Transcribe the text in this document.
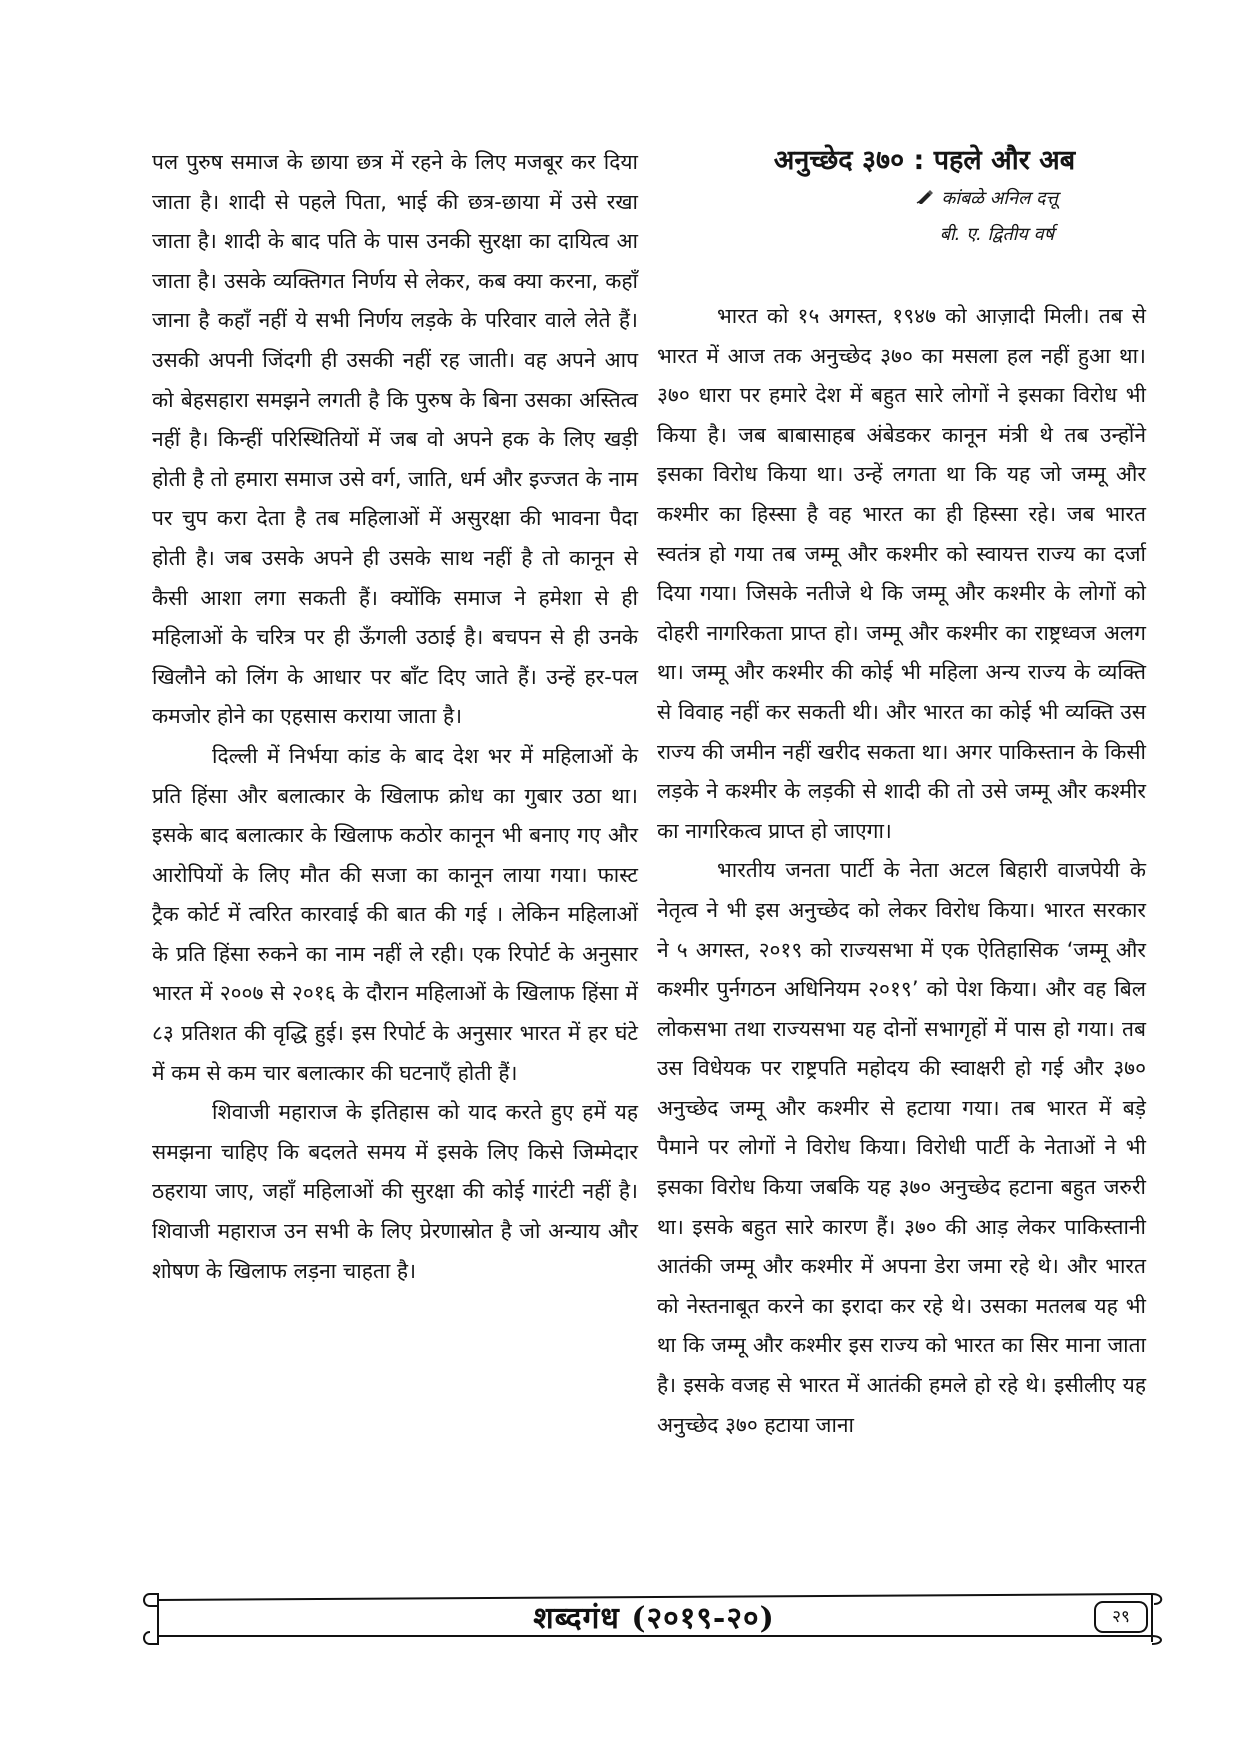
पल पुरुष समाज के छाया छत्र में रहने के लिए मजबूर कर दिया जाता है। शादी से पहले पिता, भाई की छत्र-छाया में उसे रखा जाता है। शादी के बाद पति के पास उनकी सुरक्षा का दायित्व आ जाता है। उसके व्यक्तिगत निर्णय से लेकर, कब क्या करना, कहाँ जाना है कहाँ नहीं ये सभी निर्णय लड़के के परिवार वाले लेते हैं। उसकी अपनी जिंदगी ही उसकी नहीं रह जाती। वह अपने आप को बेहसहारा समझने लगती है कि पुरुष के बिना उसका अस्तित्व नहीं है। किन्हीं परिस्थितियों में जब वो अपने हक के लिए खड़ी होती है तो हमारा समाज उसे वर्ग, जाति, धर्म और इज्जत के नाम पर चुप करा देता है तब महिलाओं में असुरक्षा की भावना पैदा होती है। जब उसके अपने ही उसके साथ नहीं है तो कानून से कैसी आशा लगा सकती हैं। क्योंकि समाज ने हमेशा से ही महिलाओं के चरित्र पर ही ऊँगली उठाई है। बचपन से ही उनके खिलौने को लिंग के आधार पर बाँट दिए जाते हैं। उन्हें हर-पल कमजोर होने का एहसास कराया जाता है।

दिल्ली में निर्भया कांड के बाद देश भर में महिलाओं के प्रति हिंसा और बलात्कार के खिलाफ क्रोध का गुबार उठा था। इसके बाद बलात्कार के खिलाफ कठोर कानून भी बनाए गए और आरोपियों के लिए मौत की सजा का कानून लाया गया। फास्ट ट्रैक कोर्ट में त्वरित कारवाई की बात की गई । लेकिन महिलाओं के प्रति हिंसा रुकने का नाम नहीं ले रही। एक रिपोर्ट के अनुसार भारत में २००७ से २०१६ के दौरान महिलाओं के खिलाफ हिंसा में ८३ प्रतिशत की वृद्धि हुई। इस रिपोर्ट के अनुसार भारत में हर घंटे में कम से कम चार बलात्कार की घटनाएँ होती हैं।

शिवाजी महाराज के इतिहास को याद करते हुए हमें यह समझना चाहिए कि बदलते समय में इसके लिए किसे जिम्मेदार ठहराया जाए, जहाँ महिलाओं की सुरक्षा की कोई गारंटी नहीं है। शिवाजी महाराज उन सभी के लिए प्रेरणास्रोत है जो अन्याय और शोषण के खिलाफ लड़ना चाहता है।

अनुच्छेद ३७० : पहले और अब
कांबळे अनिल दत्तू
बी. ए. द्वितीय वर्ष

भारत को १५ अगस्त, १९४७ को आज़ादी मिली। तब से भारत में आज तक अनुच्छेद ३७० का मसला हल नहीं हुआ था। ३७० धारा पर हमारे देश में बहुत सारे लोगों ने इसका विरोध भी किया है। जब बाबासाहब अंबेडकर कानून मंत्री थे तब उन्होंने इसका विरोध किया था। उन्हें लगता था कि यह जो जम्मू और कश्मीर का हिस्सा है वह भारत का ही हिस्सा रहे। जब भारत स्वतंत्र हो गया तब जम्मू और कश्मीर को स्वायत्त राज्य का दर्जा दिया गया। जिसके नतीजे थे कि जम्मू और कश्मीर के लोगों को दोहरी नागरिकता प्राप्त हो। जम्मू और कश्मीर का राष्ट्रध्वज अलग था। जम्मू और कश्मीर की कोई भी महिला अन्य राज्य के व्यक्ति से विवाह नहीं कर सकती थी। और भारत का कोई भी व्यक्ति उस राज्य की जमीन नहीं खरीद सकता था। अगर पाकिस्तान के किसी लड़के ने कश्मीर के लड़की से शादी की तो उसे जम्मू और कश्मीर का नागरिकत्व प्राप्त हो जाएगा।

भारतीय जनता पार्टी के नेता अटल बिहारी वाजपेयी के नेतृत्व ने भी इस अनुच्छेद को लेकर विरोध किया। भारत सरकार ने ५ अगस्त, २०१९ को राज्यसभा में एक ऐतिहासिक ‘जम्मू और कश्मीर पुर्नगठन अधिनियम २०१९’ को पेश किया। और वह बिल लोकसभा तथा राज्यसभा यह दोनों सभागृहों में पास हो गया। तब उस विधेयक पर राष्ट्रपति महोदय की स्वाक्षरी हो गई और ३७० अनुच्छेद जम्मू और कश्मीर से हटाया गया। तब भारत में बड़े पैमाने पर लोगों ने विरोध किया। विरोधी पार्टी के नेताओं ने भी इसका विरोध किया जबकि यह ३७० अनुच्छेद हटाना बहुत जरुरी था। इसके बहुत सारे कारण हैं। ३७० की आड़ लेकर पाकिस्तानी आतंकी जम्मू और कश्मीर में अपना डेरा जमा रहे थे। और भारत को नेस्तनाबूत करने का इरादा कर रहे थे। उसका मतलब यह भी था कि जम्मू और कश्मीर इस राज्य को भारत का सिर माना जाता है। इसके वजह से भारत में आतंकी हमले हो रहे थे। इसीलीए यह अनुच्छेद ३७० हटाया जाना

शब्दगंध (२०१९-२०)	२९
